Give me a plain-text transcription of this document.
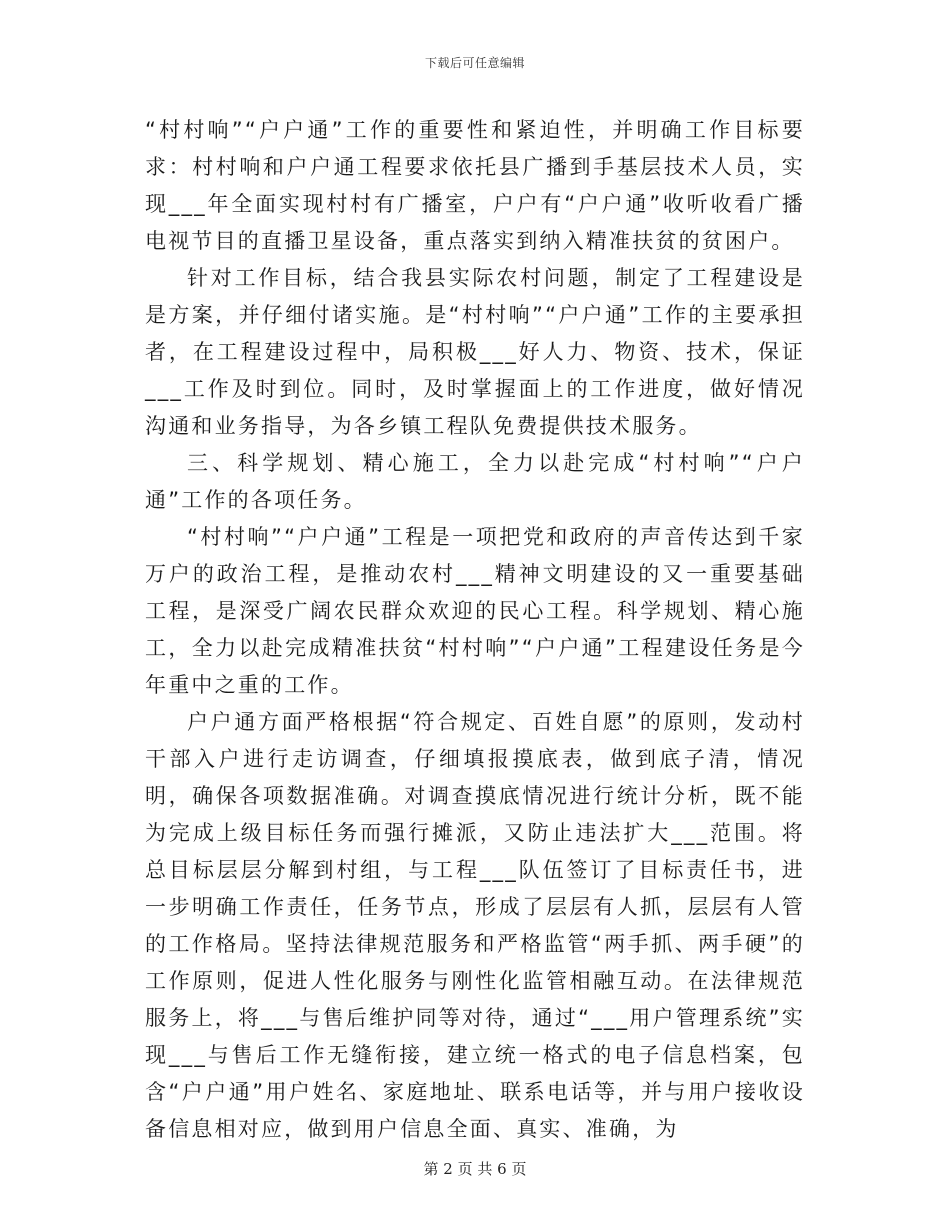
下载后可任意编辑

“村村响”“户户通”工作的重要性和紧迫性，并明确工作目标要求：村村响和户户通工程要求依托县广播到手基层技术人员，实现___年全面实现村村有广播室，户户有“户户通”收听收看广播电视节目的直播卫星设备，重点落实到纳入精准扶贫的贫困户。

针对工作目标，结合我县实际农村问题，制定了工程建设是是方案，并仔细付诸实施。是“村村响”“户户通”工作的主要承担者，在工程建设过程中，局积极___好人力、物资、技术，保证___工作及时到位。同时，及时掌握面上的工作进度，做好情况沟通和业务指导，为各乡镇工程队免费提供技术服务。

三、科学规划、精心施工，全力以赴完成“村村响”“户户通”工作的各项任务。

“村村响”“户户通”工程是一项把党和政府的声音传达到千家万户的政治工程，是推动农村___精神文明建设的又一重要基础工程，是深受广阔农民群众欢迎的民心工程。科学规划、精心施工，全力以赴完成精准扶贫“村村响”“户户通”工程建设任务是今年重中之重的工作。

户户通方面严格根据“符合规定、百姓自愿”的原则，发动村干部入户进行走访调查，仔细填报摸底表，做到底子清，情况明，确保各项数据准确。对调查摸底情况进行统计分析，既不能为完成上级目标任务而强行摊派，又防止违法扩大___范围。将总目标层层分解到村组，与工程___队伍签订了目标责任书，进一步明确工作责任，任务节点，形成了层层有人抓，层层有人管的工作格局。坚持法律规范服务和严格监管“两手抓、两手硬”的工作原则，促进人性化服务与刚性化监管相融互动。在法律规范服务上，将___与售后维护同等对待，通过“___用户管理系统”实现___与售后工作无缝衔接，建立统一格式的电子信息档案，包含“户户通”用户姓名、家庭地址、联系电话等，并与用户接收设备信息相对应，做到用户信息全面、真实、准确，为

第 2 页 共 6 页
